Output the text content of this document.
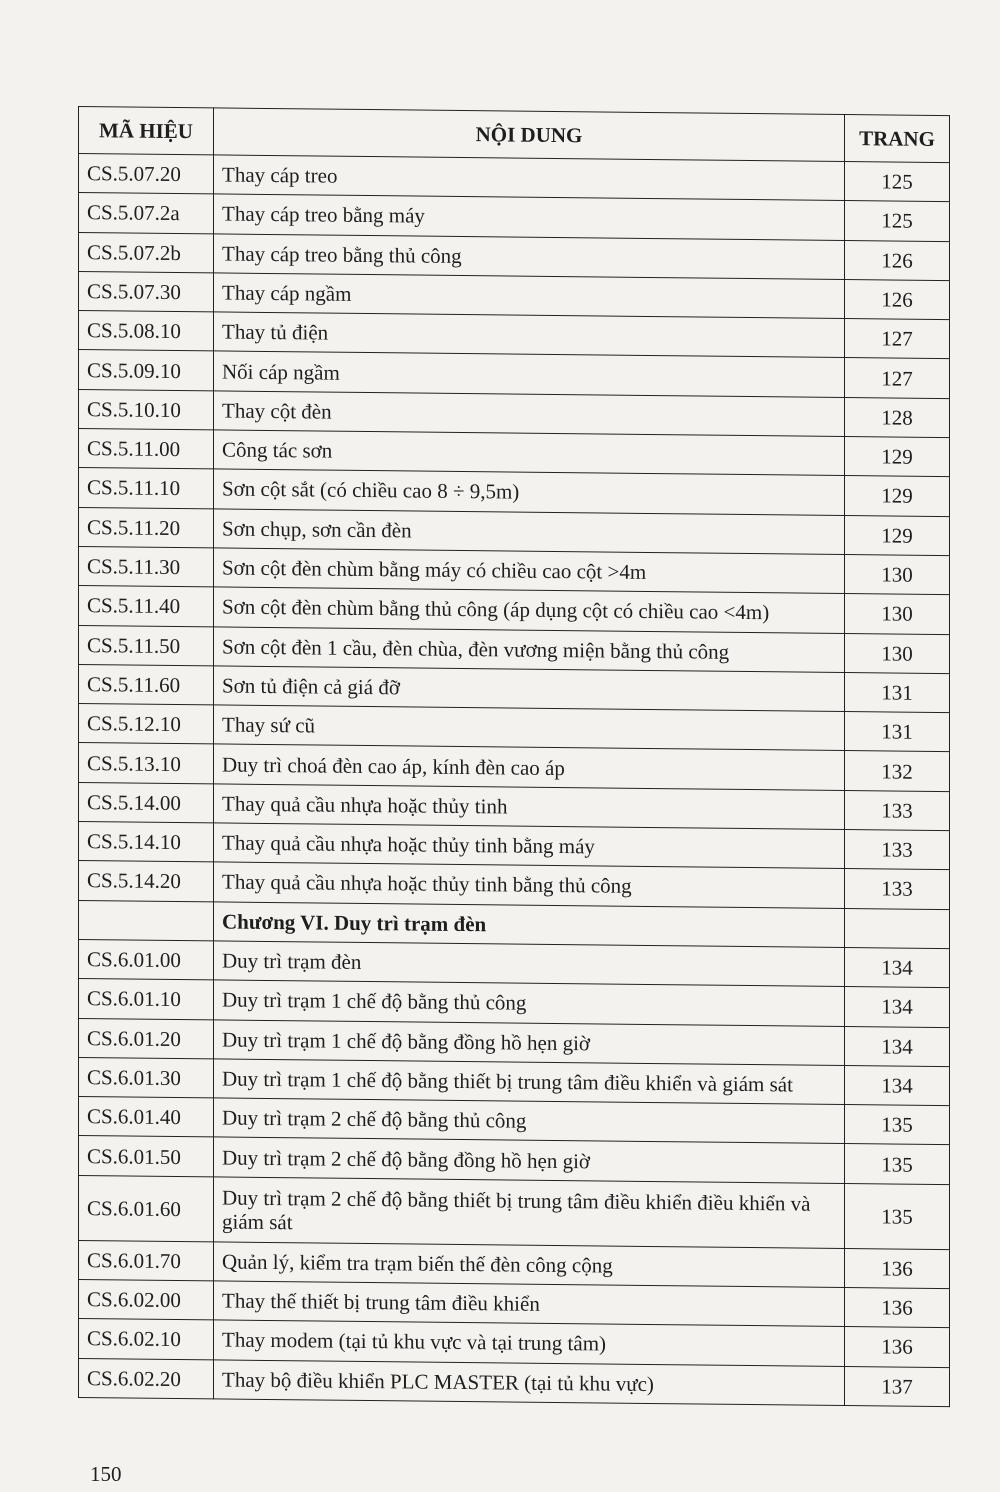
MÃ HIỆU	NỘI DUNG	TRANG
CS.5.07.20	Thay cáp treo	125
CS.5.07.2a	Thay cáp treo bằng máy	125
CS.5.07.2b	Thay cáp treo bằng thủ công	126
CS.5.07.30	Thay cáp ngầm	126
CS.5.08.10	Thay tủ điện	127
CS.5.09.10	Nối cáp ngầm	127
CS.5.10.10	Thay cột đèn	128
CS.5.11.00	Công tác sơn	129
CS.5.11.10	Sơn cột sắt (có chiều cao 8 ÷ 9,5m)	129
CS.5.11.20	Sơn chụp, sơn cần đèn	129
CS.5.11.30	Sơn cột đèn chùm bằng máy có chiều cao cột >4m	130
CS.5.11.40	Sơn cột đèn chùm bằng thủ công (áp dụng cột có chiều cao <4m)	130
CS.5.11.50	Sơn cột đèn 1 cầu, đèn chùa, đèn vương miện bằng thủ công	130
CS.5.11.60	Sơn tủ điện cả giá đỡ	131
CS.5.12.10	Thay sứ cũ	131
CS.5.13.10	Duy trì choá đèn cao áp, kính đèn cao áp	132
CS.5.14.00	Thay quả cầu nhựa hoặc thủy tinh	133
CS.5.14.10	Thay quả cầu nhựa hoặc thủy tinh bằng máy	133
CS.5.14.20	Thay quả cầu nhựa hoặc thủy tinh bằng thủ công	133
	Chương VI. Duy trì trạm đèn	
CS.6.01.00	Duy trì trạm đèn	134
CS.6.01.10	Duy trì trạm 1 chế độ bằng thủ công	134
CS.6.01.20	Duy trì trạm 1 chế độ bằng đồng hồ hẹn giờ	134
CS.6.01.30	Duy trì trạm 1 chế độ bằng thiết bị trung tâm điều khiển và giám sát	134
CS.6.01.40	Duy trì trạm 2 chế độ bằng thủ công	135
CS.6.01.50	Duy trì trạm 2 chế độ bằng đồng hồ hẹn giờ	135
CS.6.01.60	Duy trì trạm 2 chế độ bằng thiết bị trung tâm điều khiển điều khiển và giám sát	135
CS.6.01.70	Quản lý, kiểm tra trạm biến thế đèn công cộng	136
CS.6.02.00	Thay thế thiết bị trung tâm điều khiển	136
CS.6.02.10	Thay modem (tại tủ khu vực và tại trung tâm)	136
CS.6.02.20	Thay bộ điều khiển PLC MASTER (tại tủ khu vực)	137
150
